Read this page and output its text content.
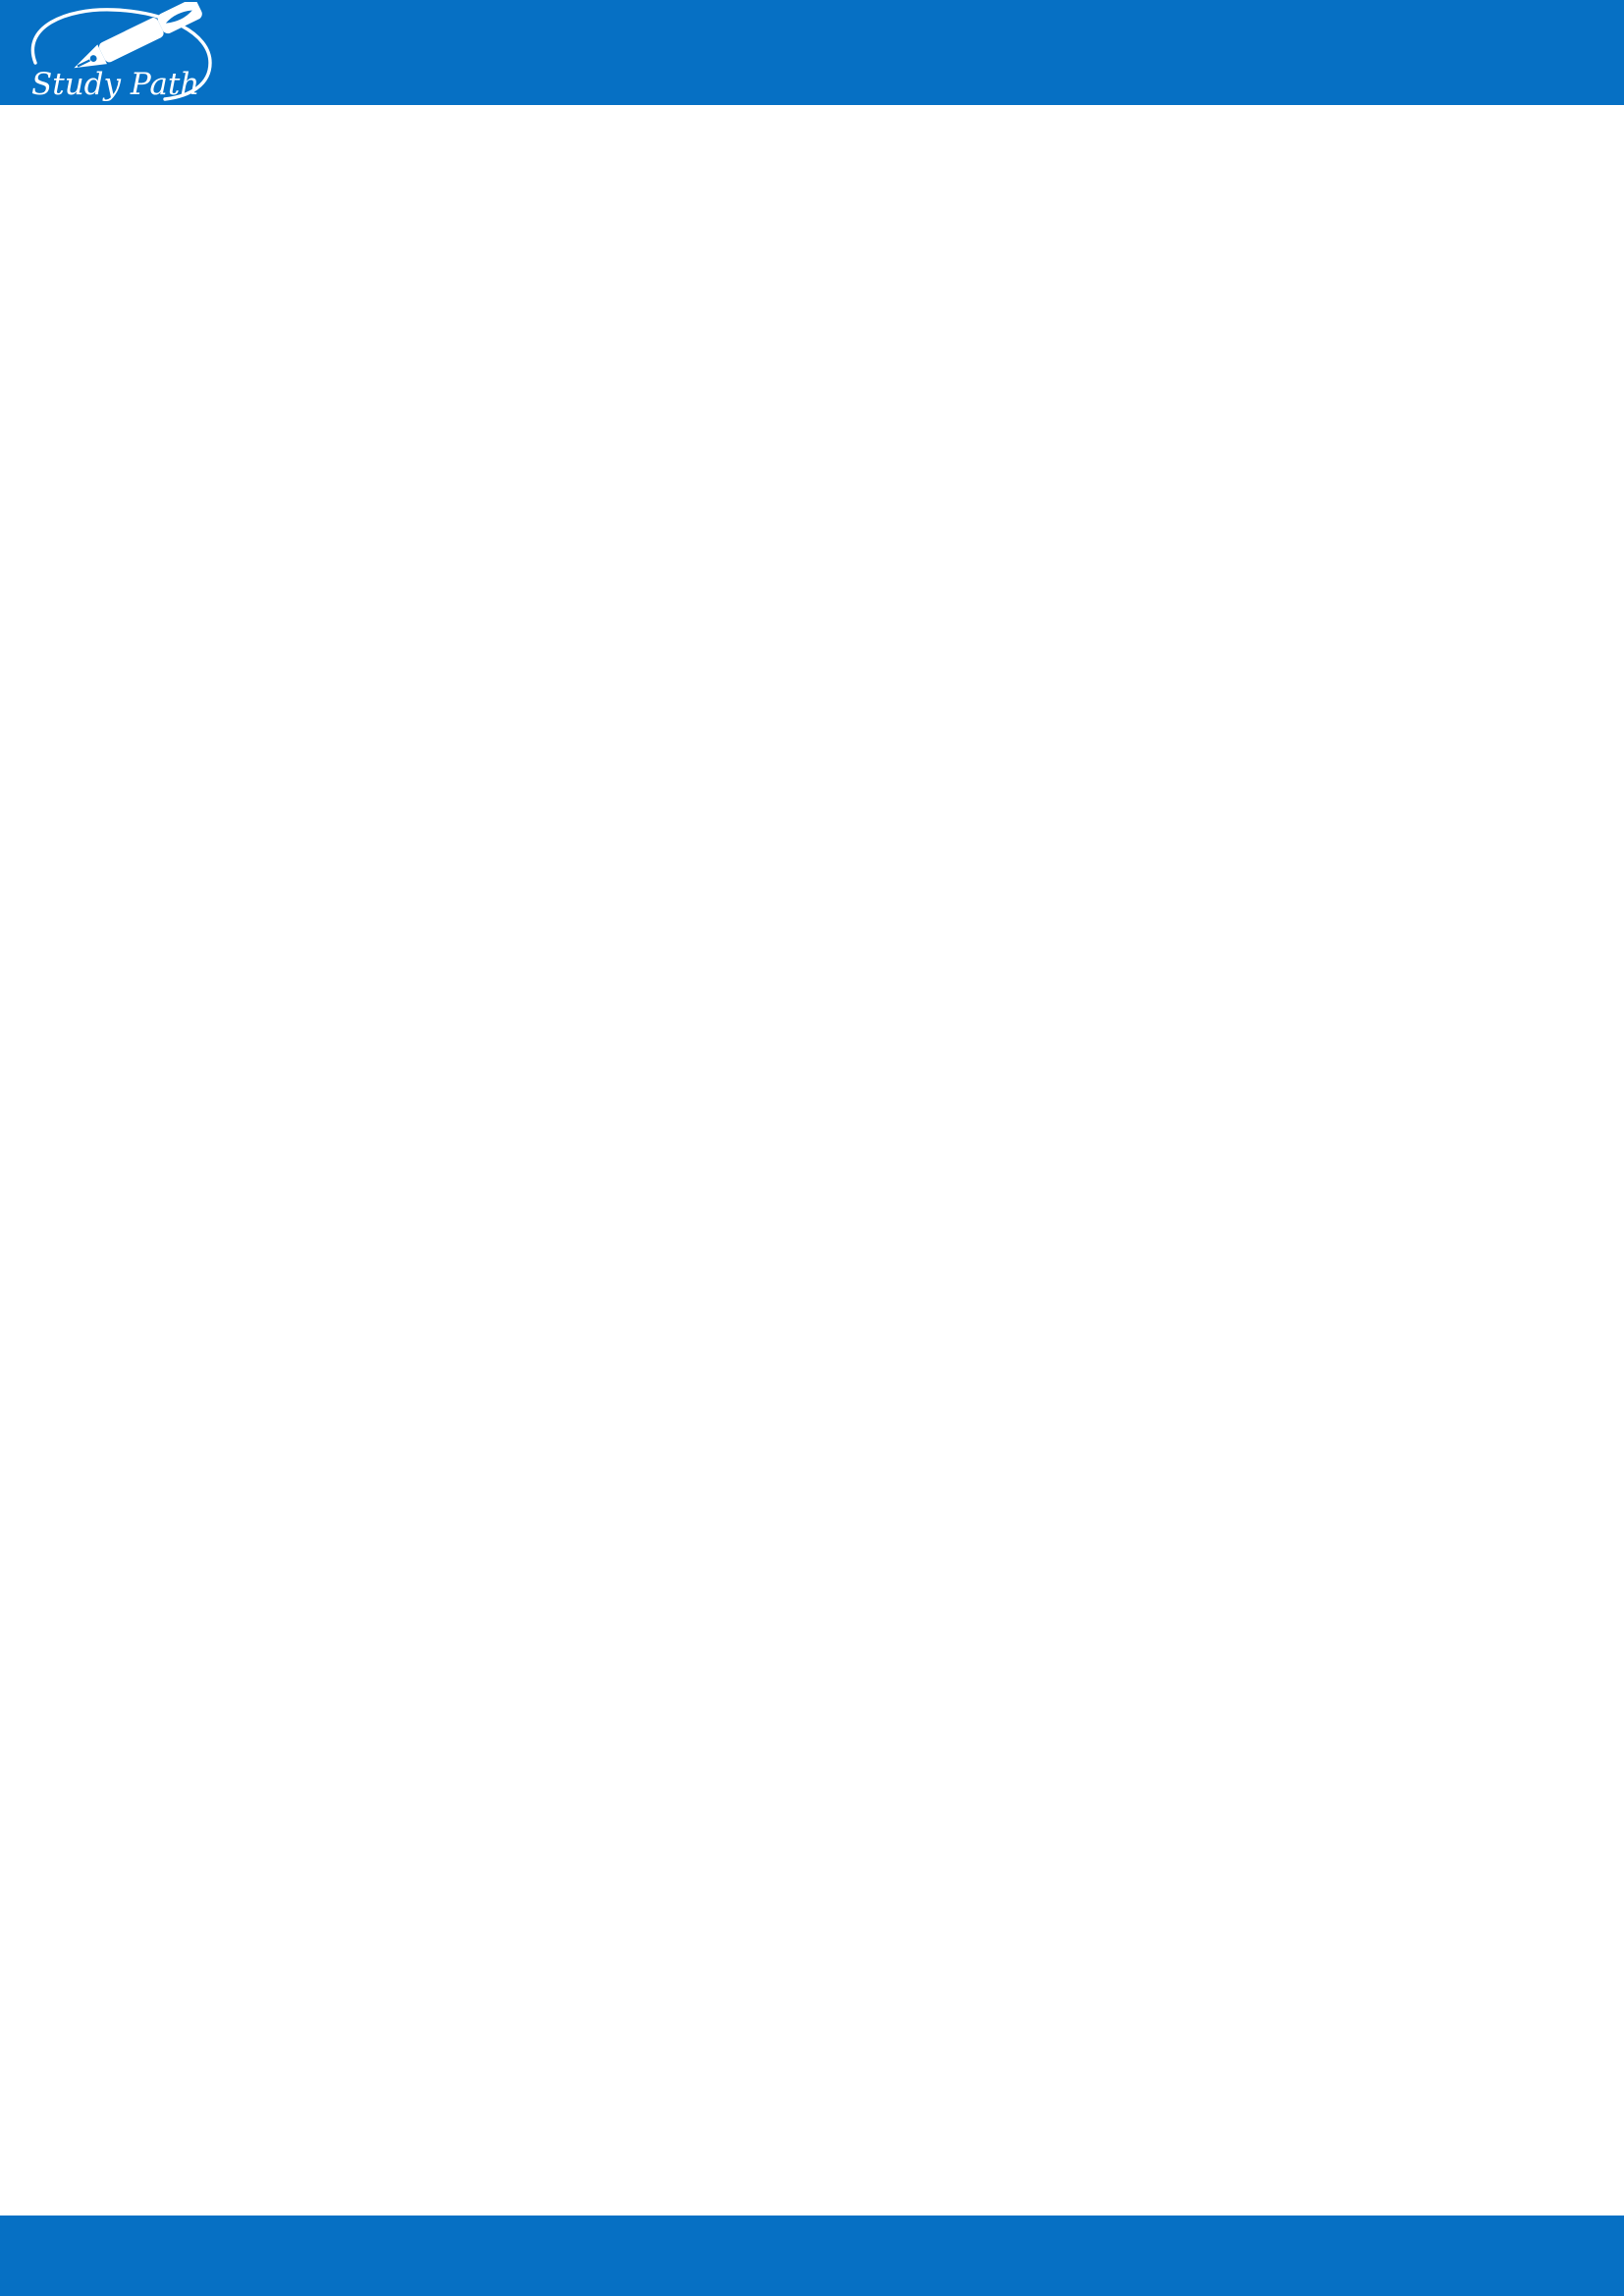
Study Path
